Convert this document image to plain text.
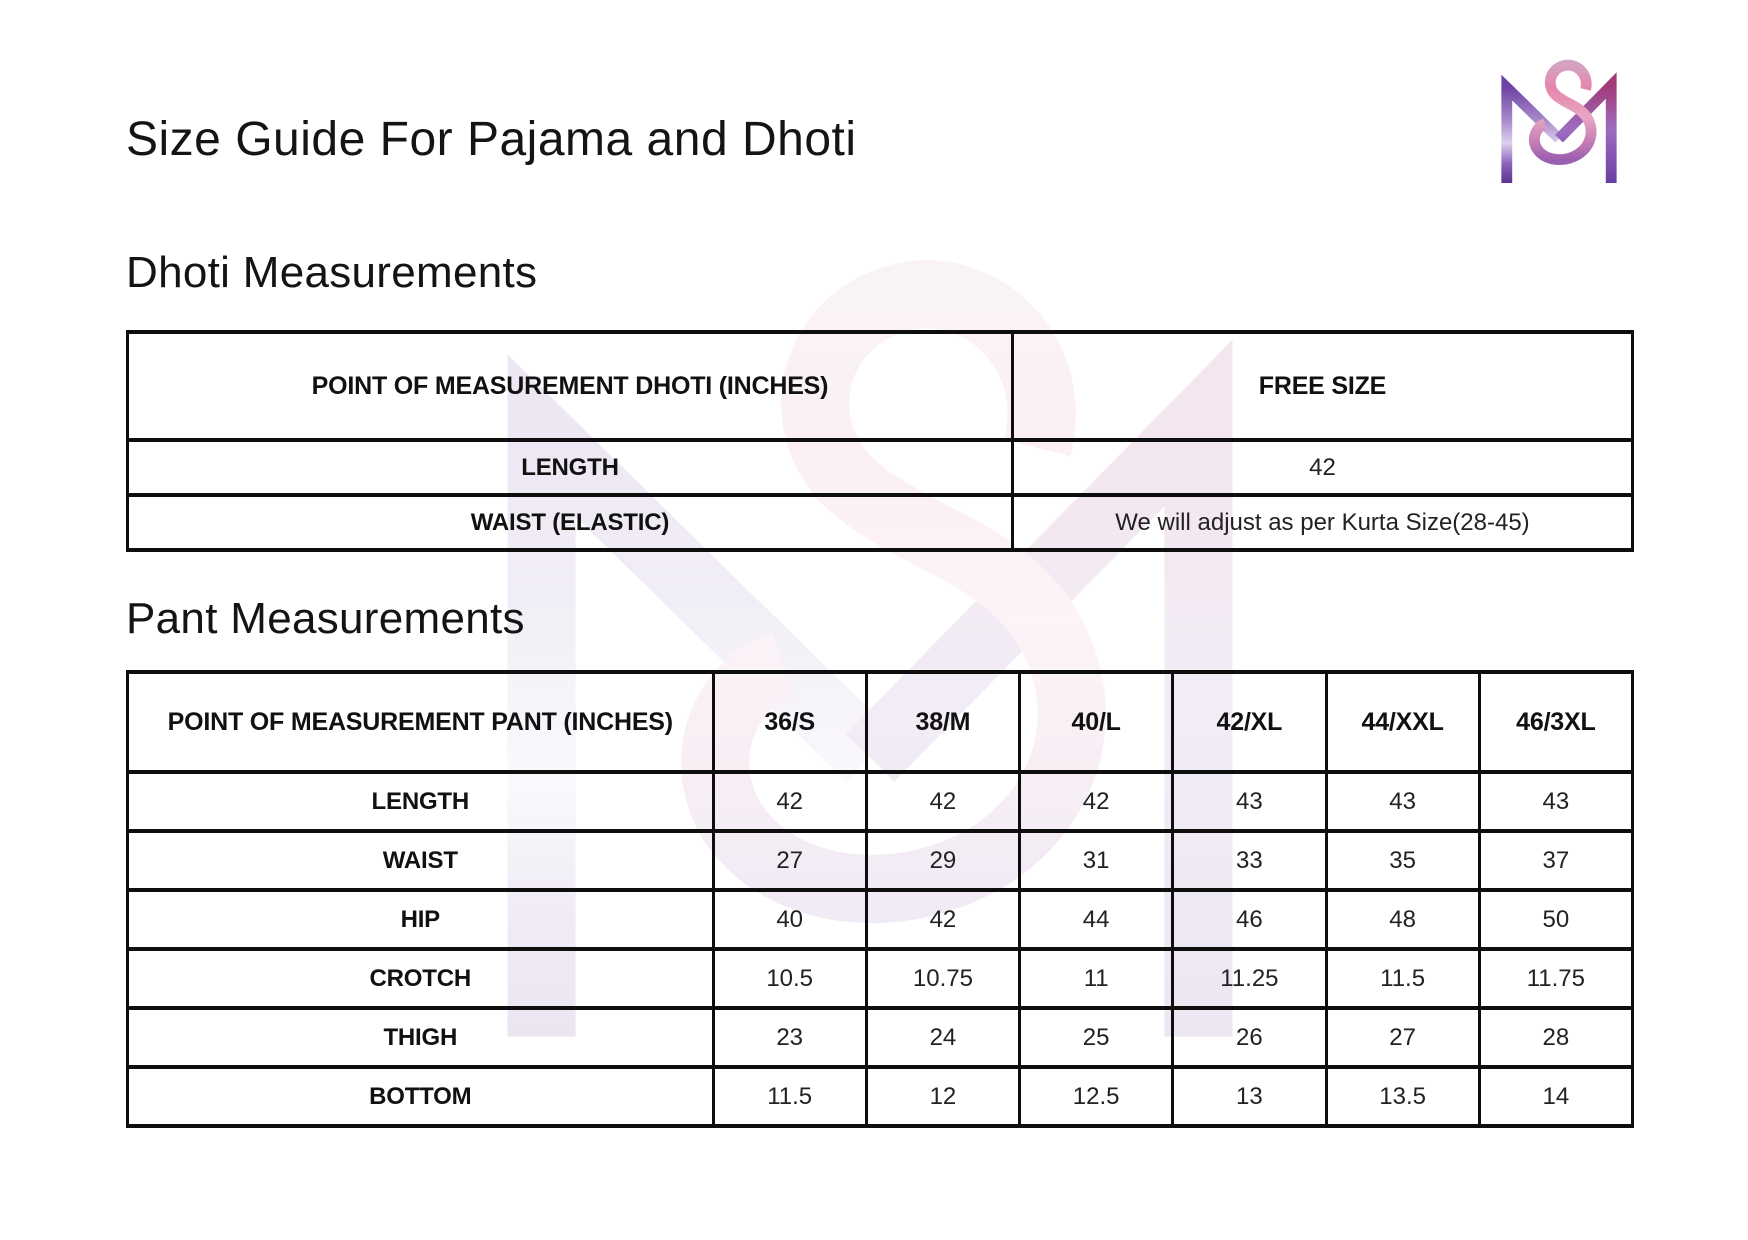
Size Guide For Pajama and Dhoti
Dhoti Measurements
POINT OF MEASUREMENT DHOTI (INCHES)	FREE SIZE
LENGTH	42
WAIST (ELASTIC)	We will adjust as per Kurta Size(28-45)
Pant Measurements
POINT OF MEASUREMENT PANT (INCHES)	36/S	38/M	40/L	42/XL	44/XXL	46/3XL
LENGTH	42	42	42	43	43	43
WAIST	27	29	31	33	35	37
HIP	40	42	44	46	48	50
CROTCH	10.5	10.75	11	11.25	11.5	11.75
THIGH	23	24	25	26	27	28
BOTTOM	11.5	12	12.5	13	13.5	14
